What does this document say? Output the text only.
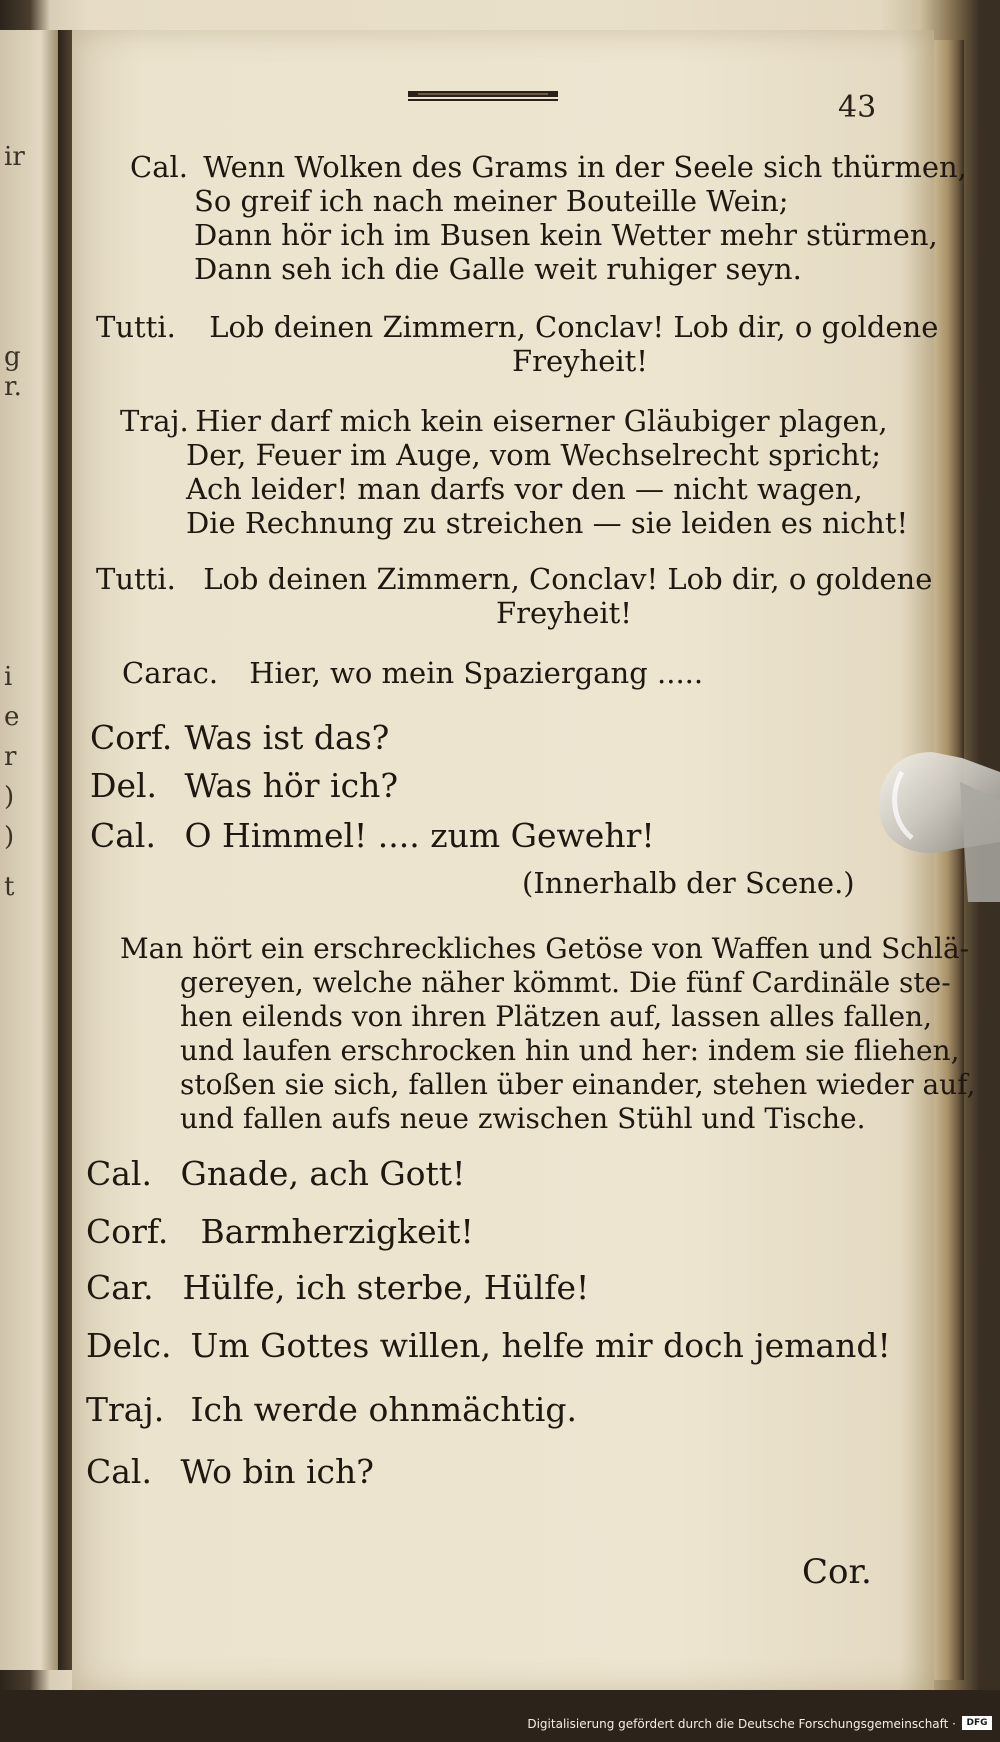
ir
g
r.
i
e
r
)
)
t
43

Cal. Wenn Wolken des Grams in der Seele sich thürmen,

So greif ich nach meiner Bouteille Wein;

Dann hör ich im Busen kein Wetter mehr stürmen,

Dann seh ich die Galle weit ruhiger seyn.

Tutti. Lob deinen Zimmern, Conclav! Lob dir, o goldene

Freyheit!

Traj. Hier darf mich kein eiserner Gläubiger plagen,

Der, Feuer im Auge, vom Wechselrecht spricht;

Ach leider! man darfs vor den — nicht wagen,

Die Rechnung zu streichen — sie leiden es nicht!

Tutti. Lob deinen Zimmern, Conclav! Lob dir, o goldene

Freyheit!

Carac. Hier, wo mein Spaziergang .....

Corf. Was ist das?

Del. Was hör ich?

Cal. O Himmel! .... zum Gewehr!

(Innerhalb der Scene.)

Man hört ein erschreckliches Getöse von Waffen und Schlä-

gereyen, welche näher kömmt. Die fünf Cardinäle ste-

hen eilends von ihren Plätzen auf, lassen alles fallen,

und laufen erschrocken hin und her: indem sie fliehen,

stoßen sie sich, fallen über einander, stehen wieder auf,

und fallen aufs neue zwischen Stühl und Tische.

Cal. Gnade, ach Gott!

Corf. Barmherzigkeit!

Car. Hülfe, ich sterbe, Hülfe!

Delc. Um Gottes willen, helfe mir doch jemand!

Traj. Ich werde ohnmächtig.

Cal. Wo bin ich?

Cor.
Digitalisierung gefördert durch die Deutsche Forschungsgemeinschaft ·	DFG
